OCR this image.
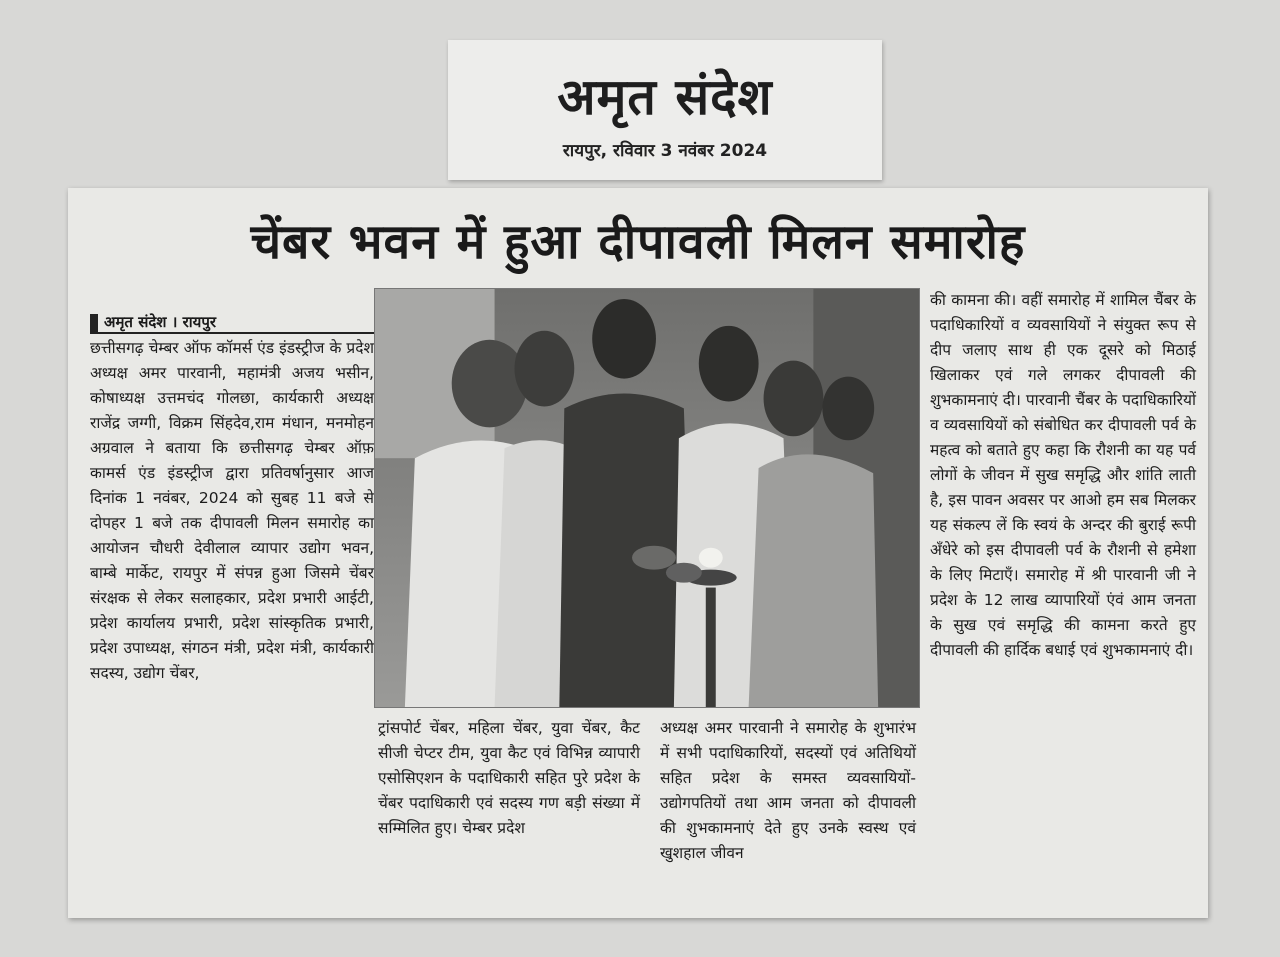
अमृत संदेश
रायपुर, रविवार 3 नवंबर 2024
चेंबर भवन में हुआ दीपावली मिलन समारोह
अमृत संदेश । रायपुर

छत्तीसगढ़ चेम्बर ऑफ कॉमर्स एंड इंडस्ट्रीज के प्रदेश अध्यक्ष अमर पारवानी, महामंत्री अजय भसीन, कोषाध्यक्ष उत्तमचंद गोलछा, कार्यकारी अध्यक्ष राजेंद्र जग्गी, विक्रम सिंहदेव,राम मंधान, मनमोहन अग्रवाल ने बताया कि छत्तीसगढ़ चेम्बर ऑफ़ कामर्स एंड इंडस्ट्रीज द्वारा प्रतिवर्षानुसार आज दिनांक 1 नवंबर, 2024 को सुबह 11 बजे से दोपहर 1 बजे तक दीपावली मिलन समारोह का आयोजन चौधरी देवीलाल व्यापार उद्योग भवन, बाम्बे मार्केट, रायपुर में संपन्न हुआ जिसमे चेंबर संरक्षक से लेकर सलाहकार, प्रदेश प्रभारी आईटी, प्रदेश कार्यालय प्रभारी, प्रदेश सांस्कृतिक प्रभारी, प्रदेश उपाध्यक्ष, संगठन मंत्री, प्रदेश मंत्री, कार्यकारी सदस्य, उद्योग चेंबर,

ट्रांसपोर्ट चेंबर, महिला चेंबर, युवा चेंबर, कैट सीजी चेप्टर टीम, युवा कैट एवं विभिन्न व्यापारी एसोसिएशन के पदाधिकारी सहित पुरे प्रदेश के चेंबर पदाधिकारी एवं सदस्य गण बड़ी संख्या में सम्मिलित हुए। चेम्बर प्रदेश

अध्यक्ष अमर पारवानी ने समारोह के शुभारंभ में सभी पदाधिकारियों, सदस्यों एवं अतिथियों सहित प्रदेश के समस्त व्यवसायियों- उद्योगपतियों तथा आम जनता को दीपावली की शुभकामनाएं देते हुए उनके स्वस्थ एवं खुशहाल जीवन

की कामना की। वहीं समारोह में शामिल चैंबर के पदाधिकारियों व व्यवसायियों ने संयुक्त रूप से दीप जलाए साथ ही एक दूसरे को मिठाई खिलाकर एवं गले लगकर दीपावली की शुभकामनाएं दी। पारवानी चैंबर के पदाधिकारियों व व्यवसायियों को संबोधित कर दीपावली पर्व के महत्व को बताते हुए कहा कि रौशनी का यह पर्व लोगों के जीवन में सुख समृद्धि और शांति लाती है, इस पावन अवसर पर आओ हम सब मिलकर यह संकल्प लें कि स्वयं के अन्दर की बुराई रूपी अँधेरे को इस दीपावली पर्व के रौशनी से हमेशा के लिए मिटाएँ। समारोह में श्री पारवानी जी ने प्रदेश के 12 लाख व्यापारियों एंवं आम जनता के सुख एवं समृद्धि की कामना करते हुए दीपावली की हार्दिक बधाई एवं शुभकामनाएं दी।
